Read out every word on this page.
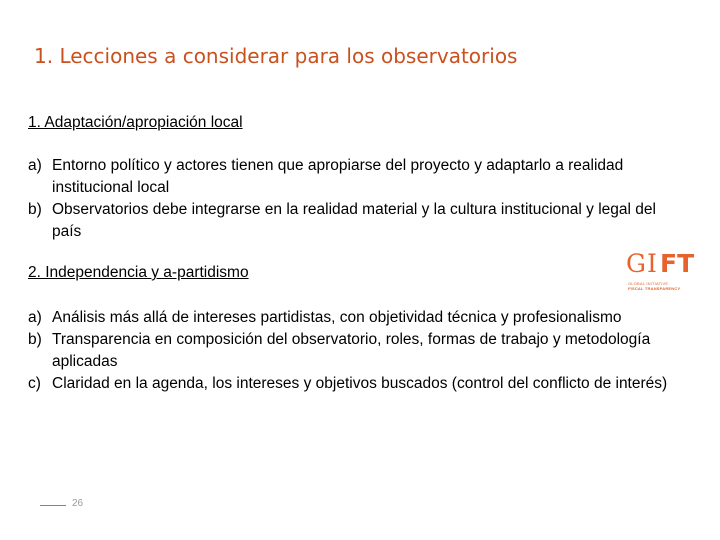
1. Lecciones a considerar para los observatorios
1. Adaptación/apropiación local
a) Entorno político y actores tienen que apropiarse del proyecto y adaptarlo a realidad institucional local
b) Observatorios debe integrarse en la realidad material y la cultura institucional y legal del país
2. Independencia y a-partidismo
a) Análisis más allá de intereses partidistas, con objetividad técnica y profesionalismo
b) Transparencia en composición del observatorio, roles, formas de trabajo y metodología aplicadas
c) Claridad en la agenda, los intereses y objetivos buscados (control del conflicto de interés)
GI FT
GLOBAL INITIATIVE
FISCAL TRANSPARENCY
26
